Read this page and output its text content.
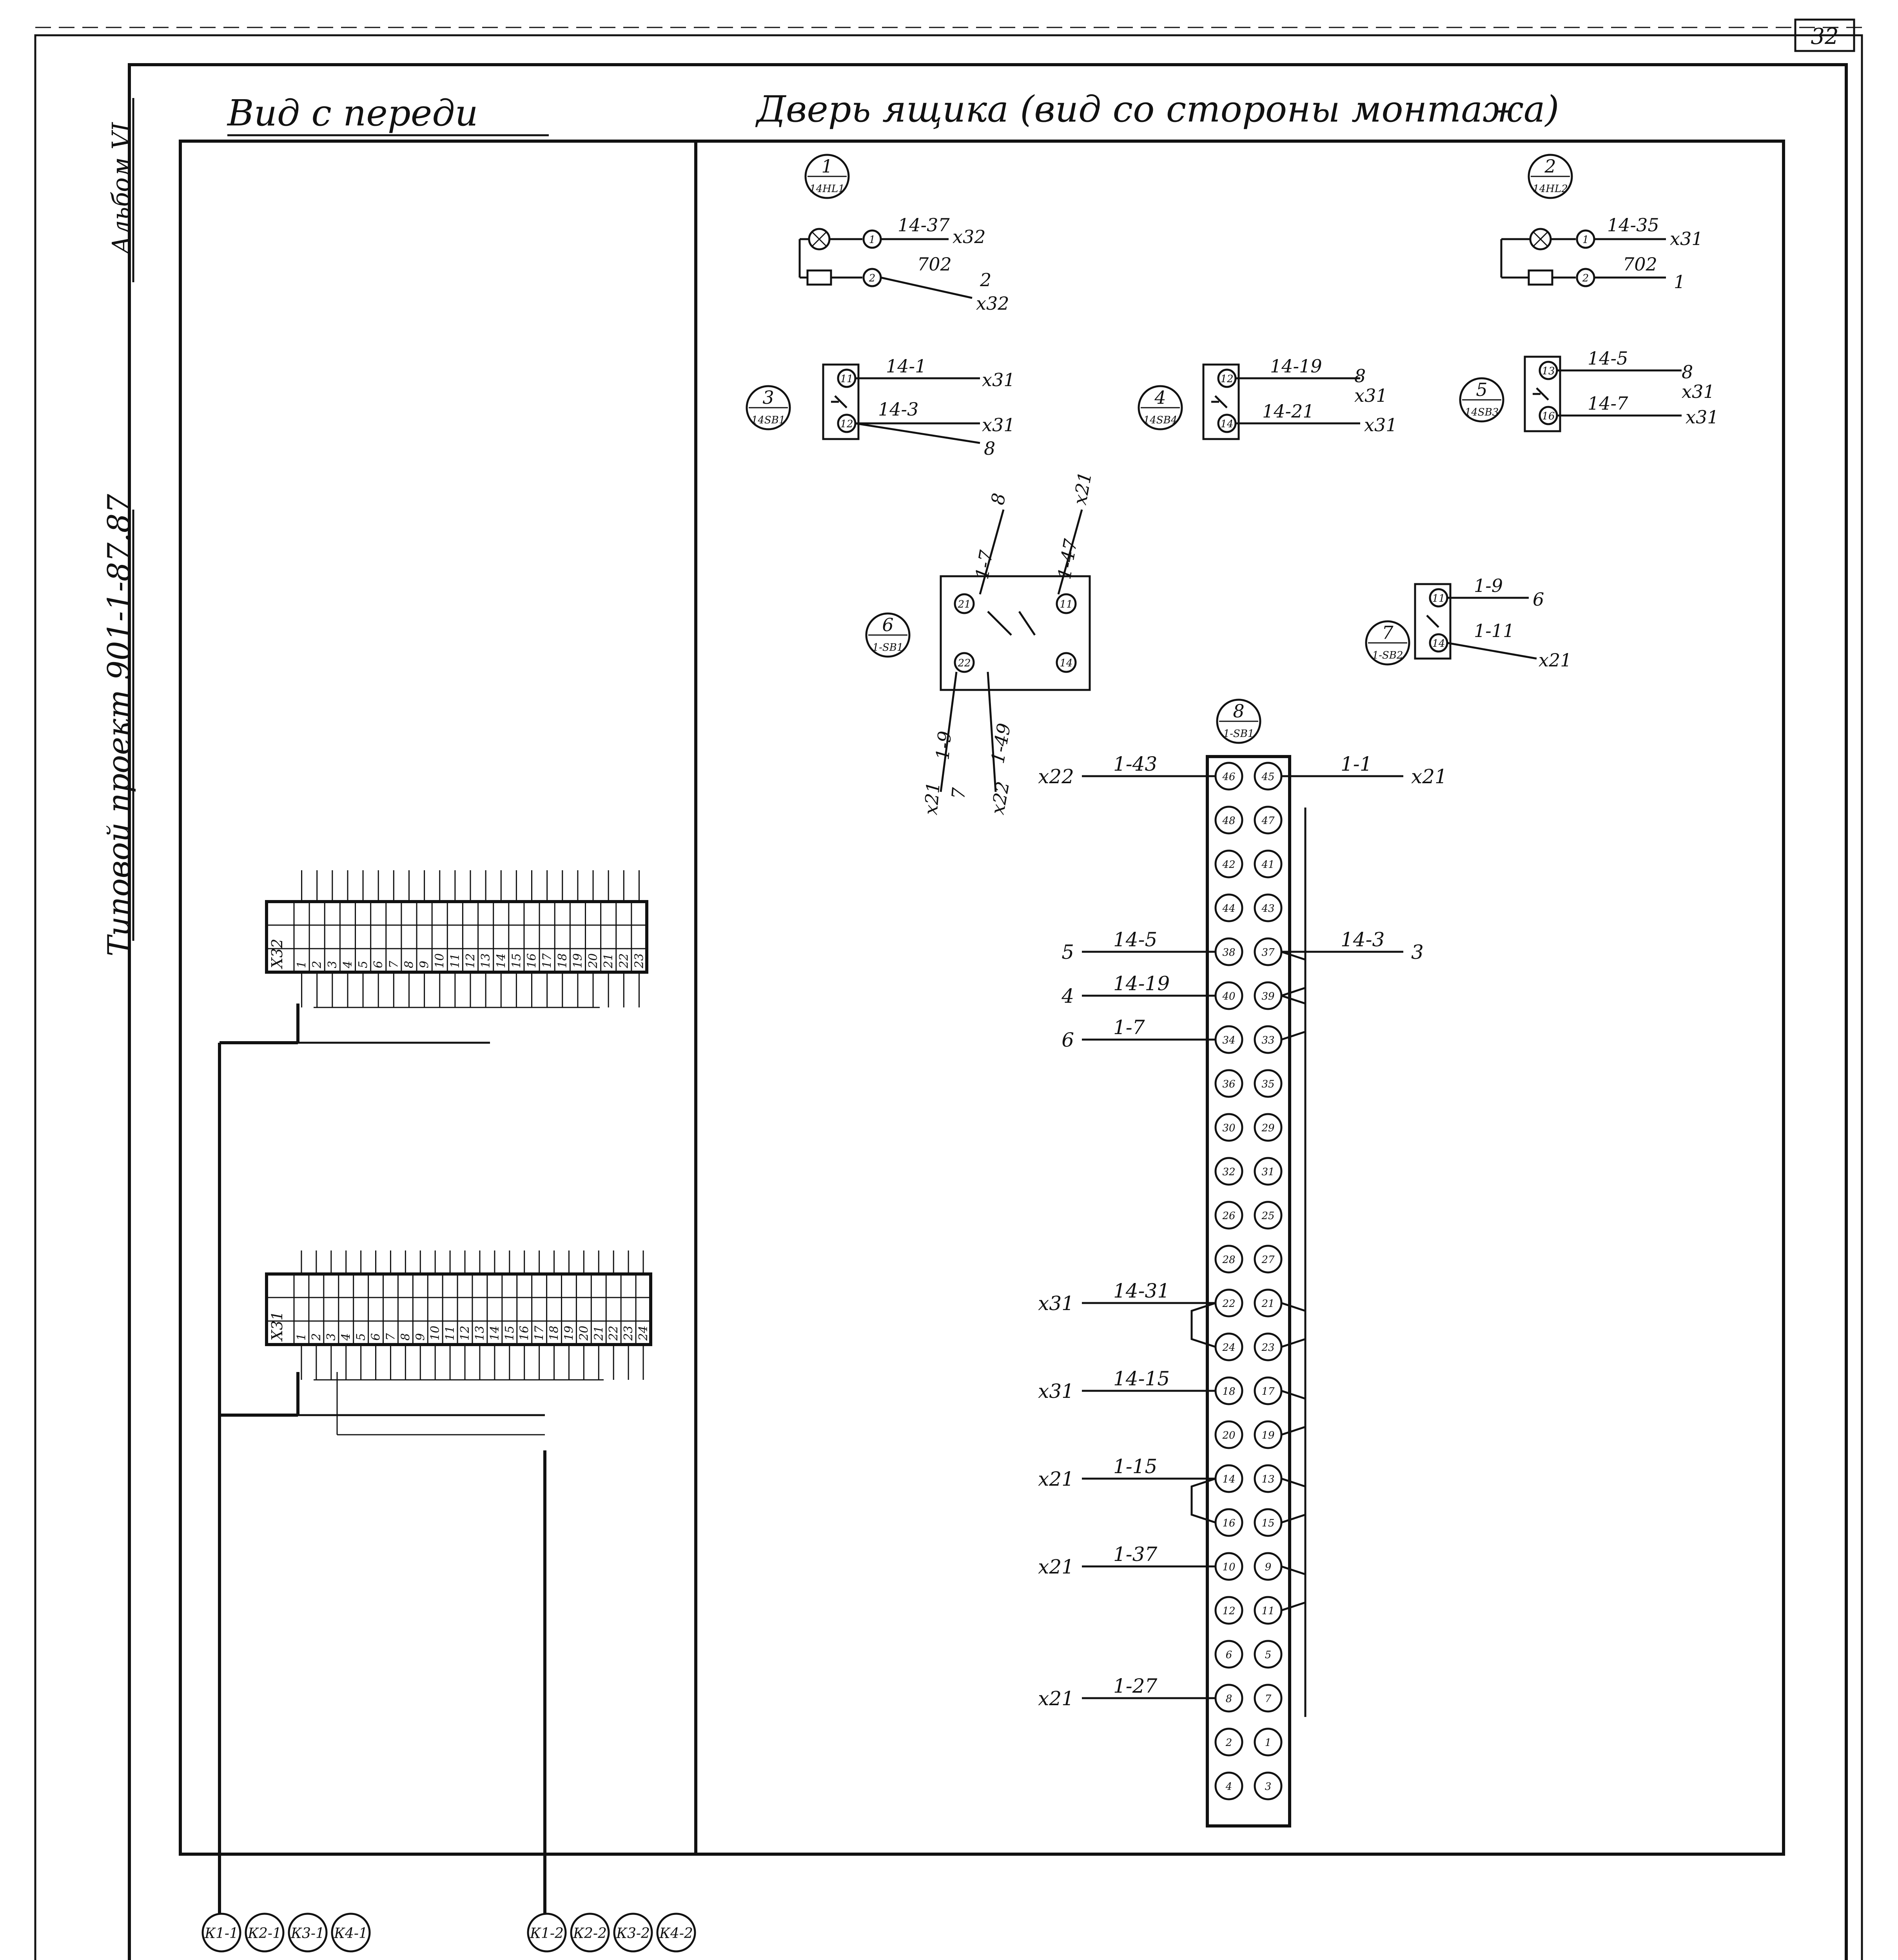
32
Альбом VI
Типовой проект 901-1-87.87
Вид с переди	Дверь ящика (вид со стороны монтажа)
1
14HL1
1
2
14-37
x32
702
2
x32
2
14HL2
1
2
14-35
x31
702
1
3
14SB1
11
12
14-1
x31
14-3
x31
8
4
14SB4
12
14
14-19 8
x31
14-21
x31
5
14SB3
13
16
14-5
8
x31
14-7
x31
6
1-SB1
21	11
22	14
1-7
8
1-47
x21
1-9
x21 7
1-49
x22
7
1-SB2
11
14
1-9
6
1-11
x21
8
1-SB1
46	45
48	47
42	41
44	43
38	37
40	39
34	33
36	35
30	29
32	31
26	25
28	27
22	21
24	23
18	17
20	19
14	13
16	15
10	9
12	11
6	5
8	7
2	1
4	3
1-43
x22
14-5
5
14-19
4
1-7
6
14-31
x31
14-15
x31
1-15
x21
1-37
x21
1-27
x21
1-1
x21
14-3
3
X32 1 2 3 4 5 6 7 8 9 10 11 12 13 14 15 16 17 18 19 20 21 22 23
X31 1 2 3 4 5 6 7 8 9 10 11 12 13 14 15 16 17 18 19 20 21 22 23 24
К1-1 К2-1 К3-1 К4-1	К1-2 К2-2 К3-2 К4-2
